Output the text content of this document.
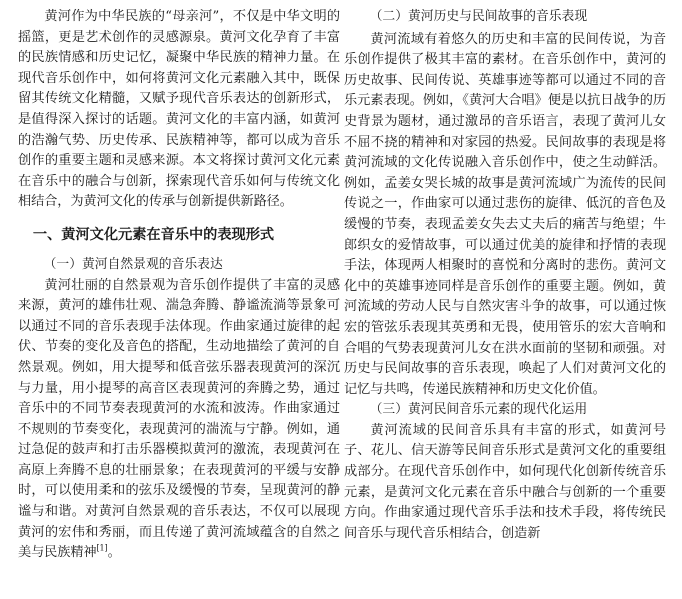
黄河作为中华民族的“母亲河”，不仅是中华文明的摇篮，更是艺术创作的灵感源泉。黄河文化孕育了丰富的民族情感和历史记忆，凝聚中华民族的精神力量。在现代音乐创作中，如何将黄河文化元素融入其中，既保留其传统文化精髓，又赋予现代音乐表达的创新形式，是值得深入探讨的话题。黄河文化的丰富内涵，如黄河的浩瀚气势、历史传承、民族精神等，都可以成为音乐创作的重要主题和灵感来源。本文将探讨黄河文化元素在音乐中的融合与创新，探索现代音乐如何与传统文化相结合，为黄河文化的传承与创新提供新路径。

一、黄河文化元素在音乐中的表现形式
（一）黄河自然景观的音乐表达

黄河壮丽的自然景观为音乐创作提供了丰富的灵感来源，黄河的雄伟壮观、湍急奔腾、静谧流淌等景象可以通过不同的音乐表现手法体现。作曲家通过旋律的起伏、节奏的变化及音色的搭配，生动地描绘了黄河的自然景观。例如，用大提琴和低音弦乐器表现黄河的深沉与力量，用小提琴的高音区表现黄河的奔腾之势，通过音乐中的不同节奏表现黄河的水流和波涛。作曲家通过不规则的节奏变化，表现黄河的湍流与宁静。例如，通过急促的鼓声和打击乐器模拟黄河的激流，表现黄河在高原上奔腾不息的壮丽景象；在表现黄河的平缓与安静时，可以使用柔和的弦乐及缓慢的节奏，呈现黄河的静谧与和谐。对黄河自然景观的音乐表达，不仅可以展现黄河的宏伟和秀丽，而且传递了黄河流域蕴含的自然之美与民族精神[1]。

（二）黄河历史与民间故事的音乐表现

黄河流域有着悠久的历史和丰富的民间传说，为音乐创作提供了极其丰富的素材。在音乐创作中，黄河的历史故事、民间传说、英雄事迹等都可以通过不同的音乐元素表现。例如，《黄河大合唱》便是以抗日战争的历史背景为题材，通过激昂的音乐语言，表现了黄河儿女不屈不挠的精神和对家园的热爱。民间故事的表现是将黄河流域的文化传说融入音乐创作中，使之生动鲜活。例如，孟姜女哭长城的故事是黄河流域广为流传的民间传说之一，作曲家可以通过悲伤的旋律、低沉的音色及缓慢的节奏，表现孟姜女失去丈夫后的痛苦与绝望；牛郎织女的爱情故事，可以通过优美的旋律和抒情的表现手法，体现两人相聚时的喜悦和分离时的悲伤。黄河文化中的英雄事迹同样是音乐创作的重要主题。例如，黄河流域的劳动人民与自然灾害斗争的故事，可以通过恢宏的管弦乐表现其英勇和无畏，使用管乐的宏大音响和合唱的气势表现黄河儿女在洪水面前的坚韧和顽强。对历史与民间故事的音乐表现，唤起了人们对黄河文化的记忆与共鸣，传递民族精神和历史文化价值。

（三）黄河民间音乐元素的现代化运用

黄河流域的民间音乐具有丰富的形式，如黄河号子、花儿、信天游等民间音乐形式是黄河文化的重要组成部分。在现代音乐创作中，如何现代化创新传统音乐元素，是黄河文化元素在音乐中融合与创新的一个重要方向。作曲家通过现代音乐手法和技术手段，将传统民间音乐与现代音乐相结合，创造新
